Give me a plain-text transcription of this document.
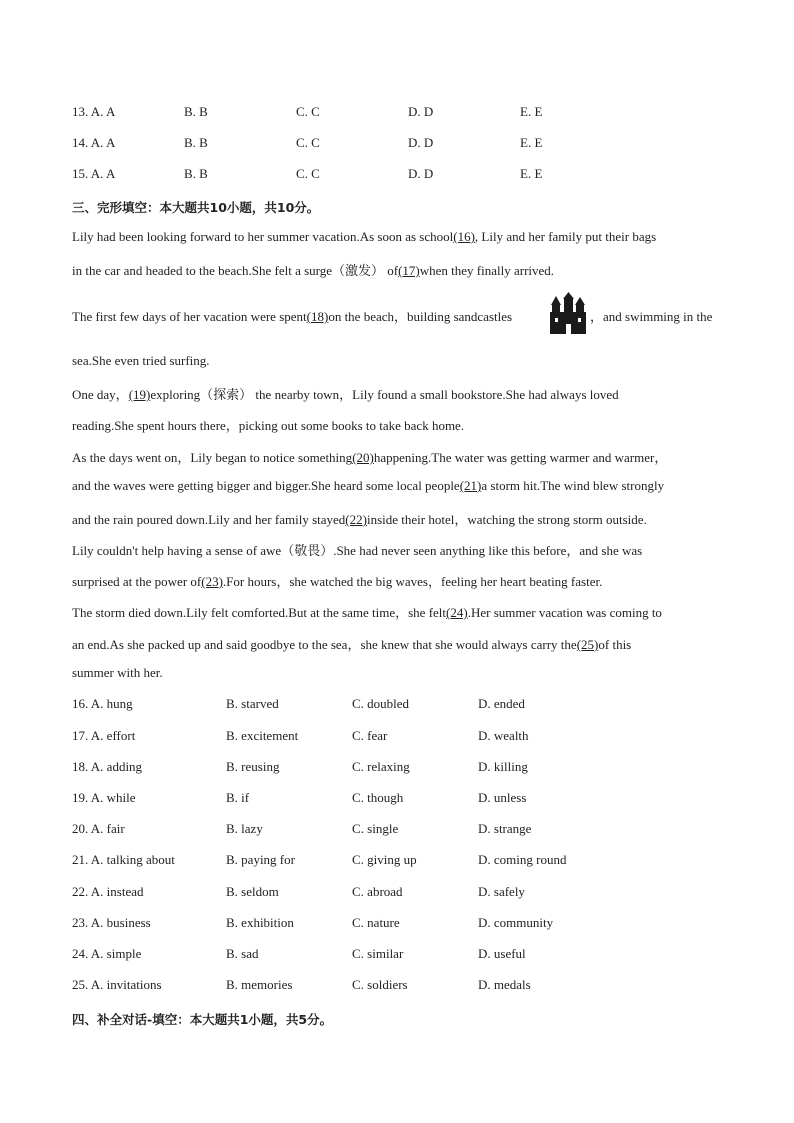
13. A. A	B. B	C. C	D. D	E. E
14. A. A	B. B	C. C	D. D	E. E
15. A. A	B. B	C. C	D. D	E. E
三、完形填空：本大题共10小题，共10分。
Lily had been looking forward to her summer vacation.As soon as school(16), Lily and her family put their bags
in the car and headed to the beach.She felt a surge（激发） of(17)when they finally arrived.
The first few days of her vacation were spent(18)on the beach，building sandcastles	，and swimming in the
sea.She even tried surfing.
One day，(19)exploring（探索） the nearby town，Lily found a small bookstore.She had always loved
reading.She spent hours there，picking out some books to take back home.
As the days went on，Lily began to notice something(20)happening.The water was getting warmer and warmer，
and the waves were getting bigger and bigger.She heard some local people(21)a storm hit.The wind blew strongly
and the rain poured down.Lily and her family stayed(22)inside their hotel，watching the strong storm outside.
Lily couldn't help having a sense of awe（敬畏）.She had never seen anything like this before，and she was
surprised at the power of(23).For hours，she watched the big waves，feeling her heart beating faster.
The storm died down.Lily felt comforted.But at the same time，she felt(24).Her summer vacation was coming to
an end.As she packed up and said goodbye to the sea，she knew that she would always carry the(25)of this
summer with her.
16. A. hung	B. starved	C. doubled	D. ended
17. A. effort	B. excitement	C. fear	D. wealth
18. A. adding	B. reusing	C. relaxing	D. killing
19. A. while	B. if	C. though	D. unless
20. A. fair	B. lazy	C. single	D. strange
21. A. talking about	B. paying for	C. giving up	D. coming round
22. A. instead	B. seldom	C. abroad	D. safely
23. A. business	B. exhibition	C. nature	D. community
24. A. simple	B. sad	C. similar	D. useful
25. A. invitations	B. memories	C. soldiers	D. medals
四、补全对话-填空：本大题共1小题，共5分。
